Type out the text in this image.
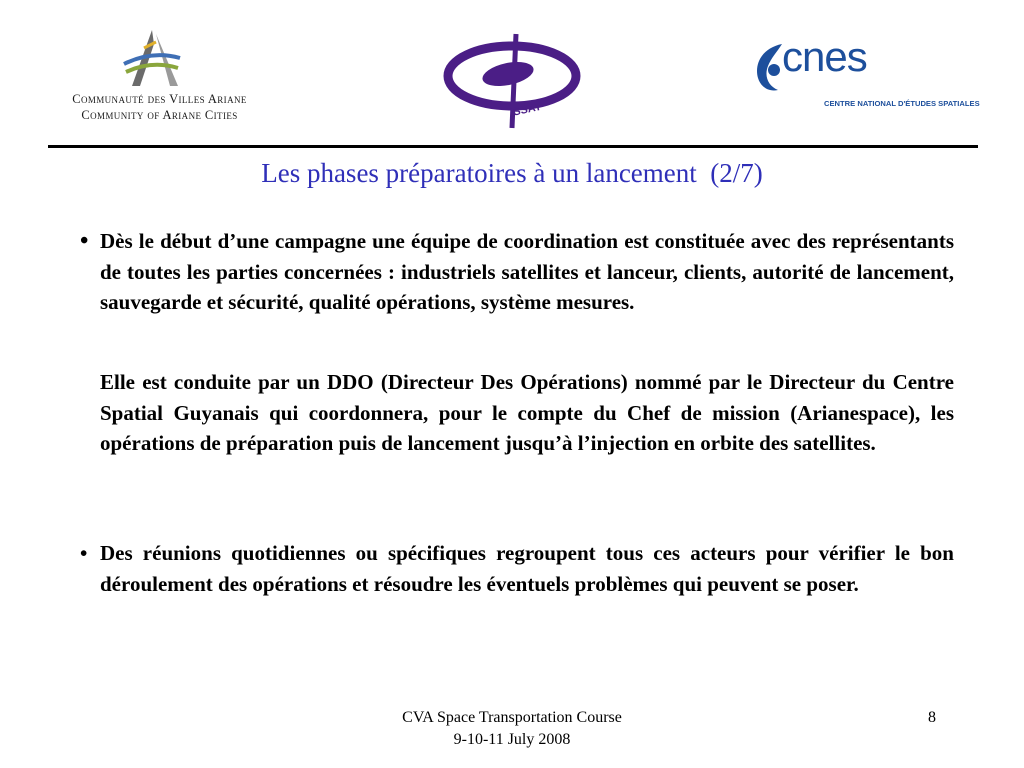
Communauté des Villes Ariane
Community of Ariane Cities	ISSAT
cnes
CENTRE NATIONAL D'ÉTUDES SPATIALES
Les phases préparatoires à un lancement  (2/7)
• Dès le début d’une campagne une équipe de coordination est constituée avec des représentants de toutes les parties concernées : industriels satellites et lanceur, clients, autorité de lancement, sauvegarde et sécurité, qualité opérations, système mesures.
Elle est conduite par un DDO (Directeur Des Opérations) nommé par le Directeur du Centre Spatial Guyanais qui coordonnera, pour le compte du Chef de mission (Arianespace), les opérations de préparation puis de lancement jusqu’à l’injection en orbite des satellites.
• Des réunions quotidiennes ou spécifiques regroupent tous ces acteurs pour vérifier le bon déroulement des opérations et résoudre les éventuels problèmes qui peuvent se poser.
CVA Space Transportation Course
9-10-11 July 2008
8
